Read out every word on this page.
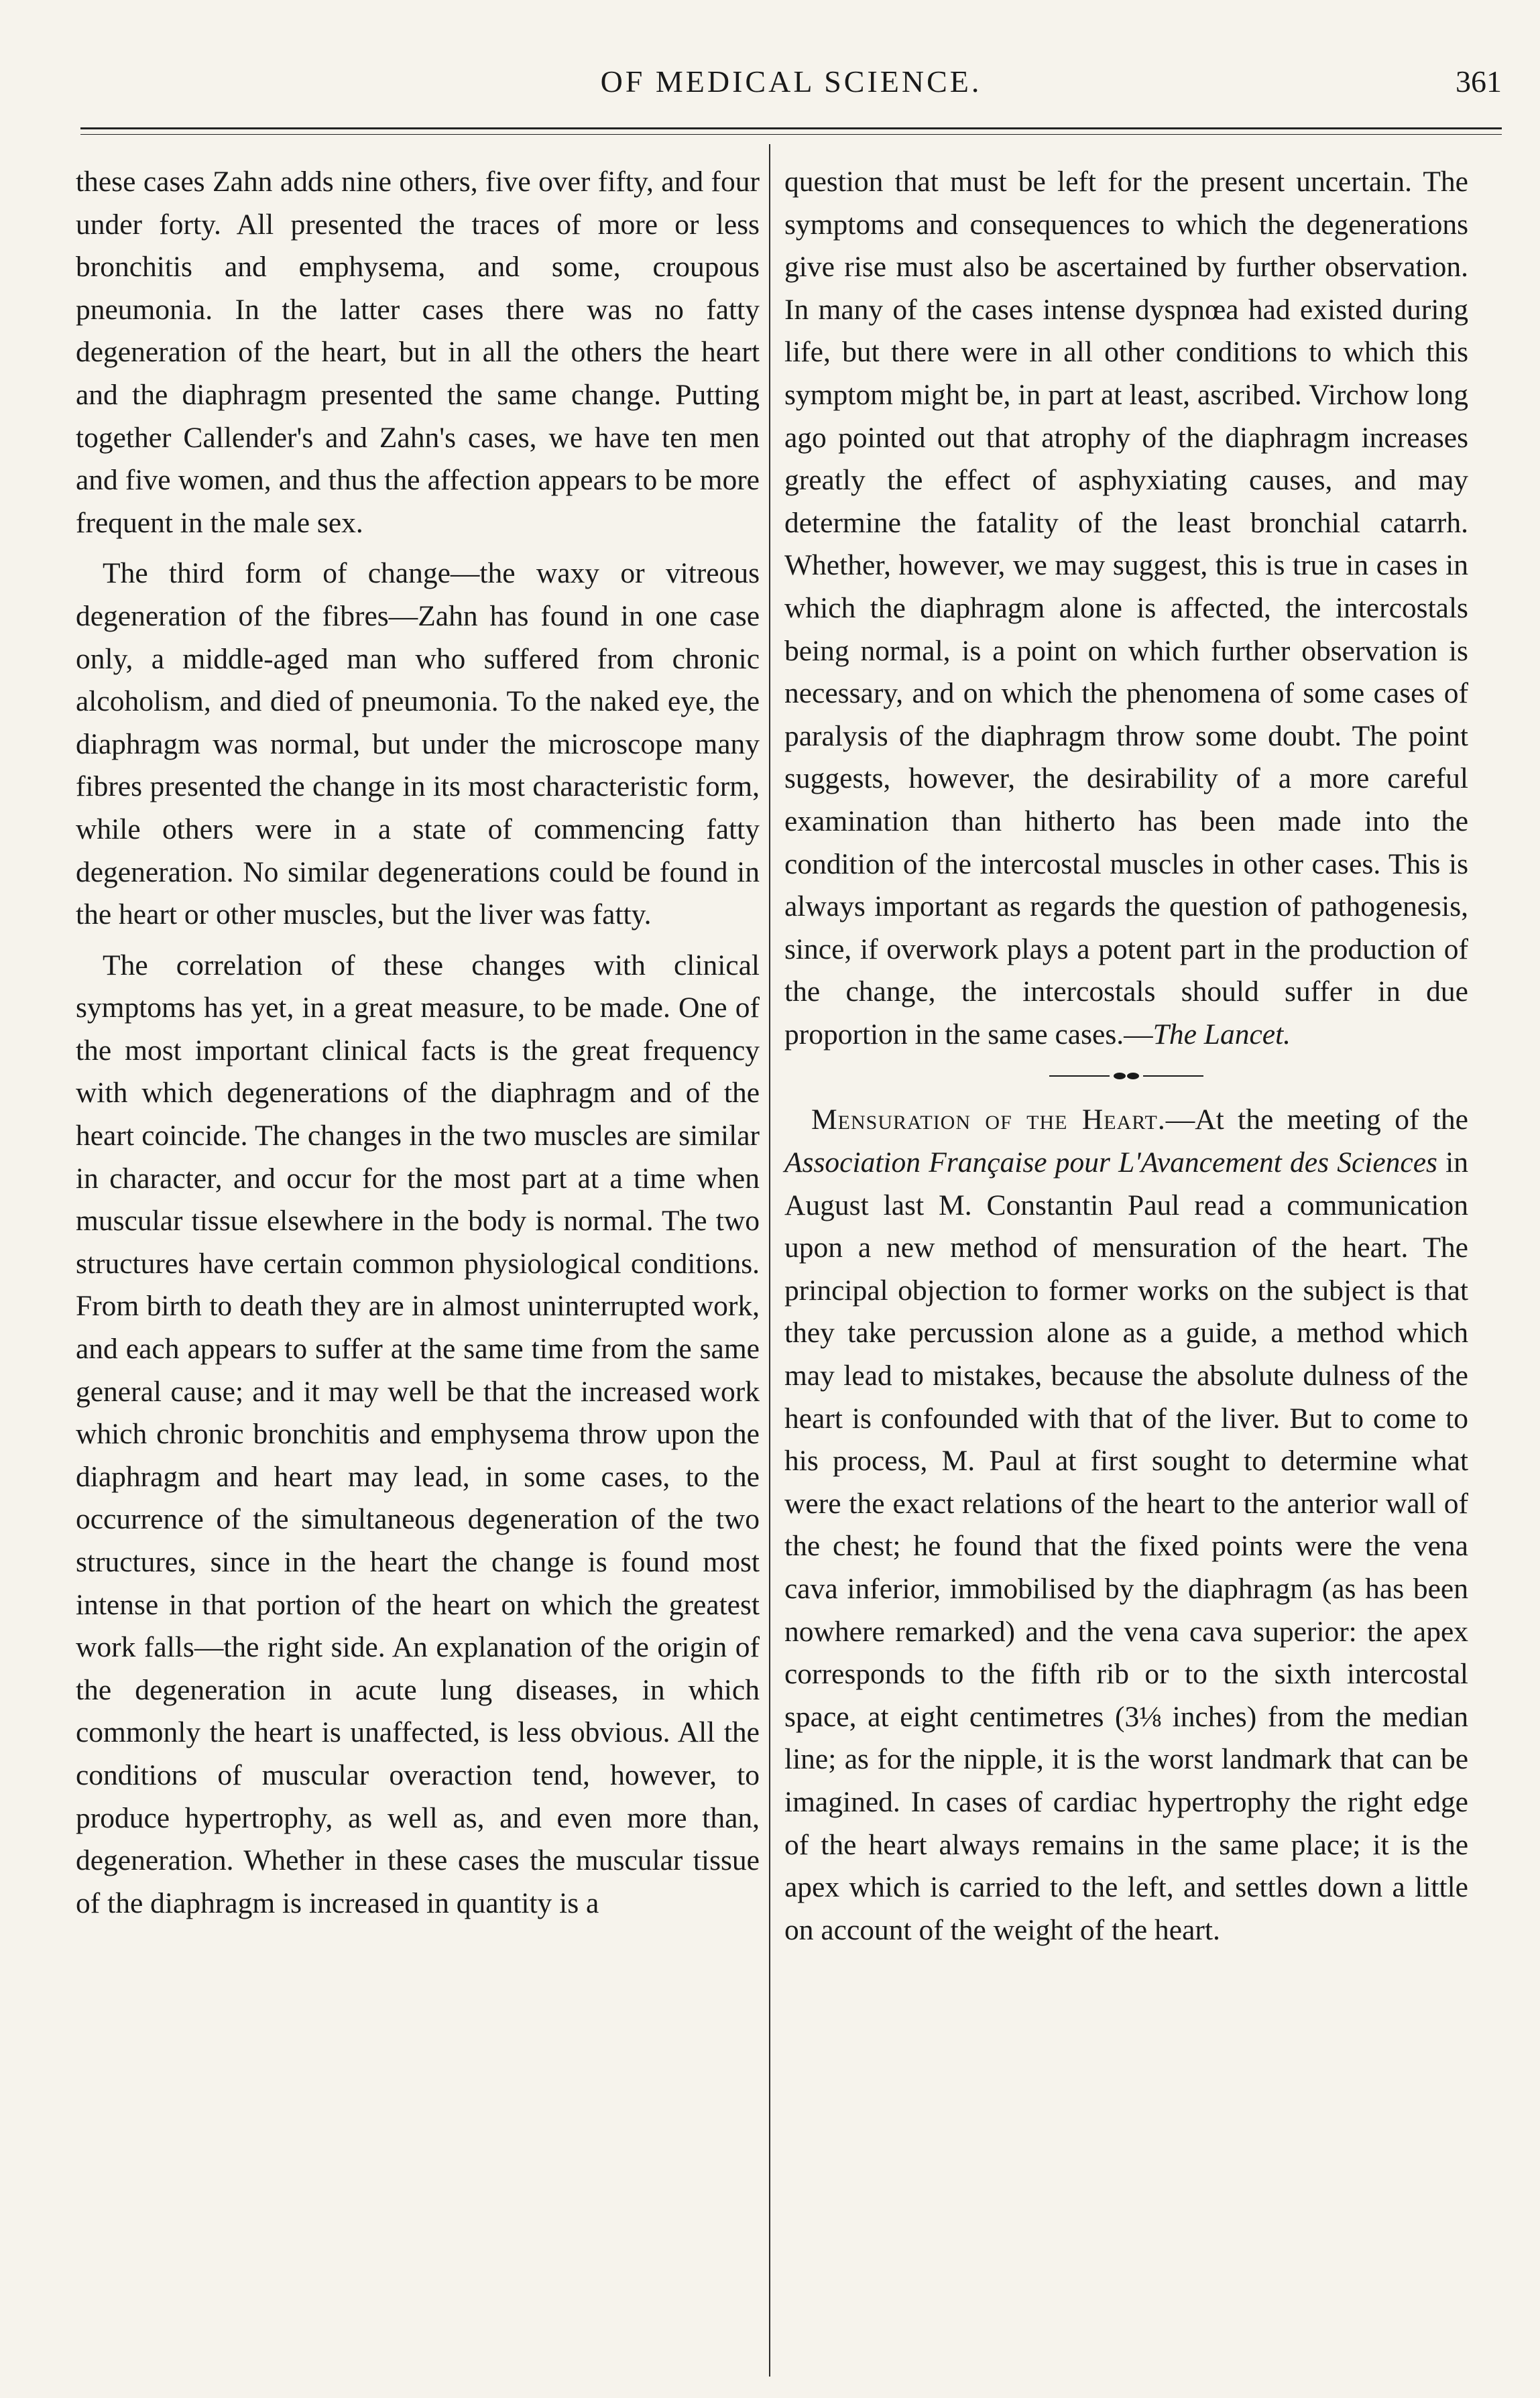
OF MEDICAL SCIENCE.	361

these cases Zahn adds nine others, five over fifty, and four under forty. All presented the traces of more or less bronchitis and emphysema, and some, croupous pneumonia. In the latter cases there was no fatty degeneration of the heart, but in all the others the heart and the diaphragm presented the same change. Putting together Callender's and Zahn's cases, we have ten men and five women, and thus the affection appears to be more frequent in the male sex.

The third form of change—the waxy or vitreous degeneration of the fibres—Zahn has found in one case only, a middle-aged man who suffered from chronic alcoholism, and died of pneumonia. To the naked eye, the diaphragm was normal, but under the microscope many fibres presented the change in its most characteristic form, while others were in a state of commencing fatty degeneration. No similar degenerations could be found in the heart or other muscles, but the liver was fatty.

The correlation of these changes with clinical symptoms has yet, in a great measure, to be made. One of the most important clinical facts is the great frequency with which degenerations of the diaphragm and of the heart coincide. The changes in the two muscles are similar in character, and occur for the most part at a time when muscular tissue elsewhere in the body is normal. The two structures have certain common physiological conditions. From birth to death they are in almost uninterrupted work, and each appears to suffer at the same time from the same general cause; and it may well be that the increased work which chronic bronchitis and emphysema throw upon the diaphragm and heart may lead, in some cases, to the occurrence of the simultaneous degeneration of the two structures, since in the heart the change is found most intense in that portion of the heart on which the greatest work falls—the right side. An explanation of the origin of the degeneration in acute lung diseases, in which commonly the heart is unaffected, is less obvious. All the conditions of muscular overaction tend, however, to produce hypertrophy, as well as, and even more than, degeneration. Whether in these cases the muscular tissue of the diaphragm is increased in quantity is a

question that must be left for the present uncertain. The symptoms and consequences to which the degenerations give rise must also be ascertained by further observation. In many of the cases intense dyspnœa had existed during life, but there were in all other conditions to which this symptom might be, in part at least, ascribed. Virchow long ago pointed out that atrophy of the diaphragm increases greatly the effect of asphyxiating causes, and may determine the fatality of the least bronchial catarrh. Whether, however, we may suggest, this is true in cases in which the diaphragm alone is affected, the intercostals being normal, is a point on which further observation is necessary, and on which the phenomena of some cases of paralysis of the diaphragm throw some doubt. The point suggests, however, the desirability of a more careful examination than hitherto has been made into the condition of the intercostal muscles in other cases. This is always important as regards the question of pathogenesis, since, if overwork plays a potent part in the production of the change, the intercostals should suffer in due proportion in the same cases.—The Lancet.

Mensuration of the Heart.—At the meeting of the Association Française pour L'Avancement des Sciences in August last M. Constantin Paul read a communication upon a new method of mensuration of the heart. The principal objection to former works on the subject is that they take percussion alone as a guide, a method which may lead to mistakes, because the absolute dulness of the heart is confounded with that of the liver. But to come to his process, M. Paul at first sought to determine what were the exact relations of the heart to the anterior wall of the chest; he found that the fixed points were the vena cava inferior, immobilised by the diaphragm (as has been nowhere remarked) and the vena cava superior: the apex corresponds to the fifth rib or to the sixth intercostal space, at eight centimetres (3⅛ inches) from the median line; as for the nipple, it is the worst landmark that can be imagined. In cases of cardiac hypertrophy the right edge of the heart always remains in the same place; it is the apex which is carried to the left, and settles down a little on account of the weight of the heart.
